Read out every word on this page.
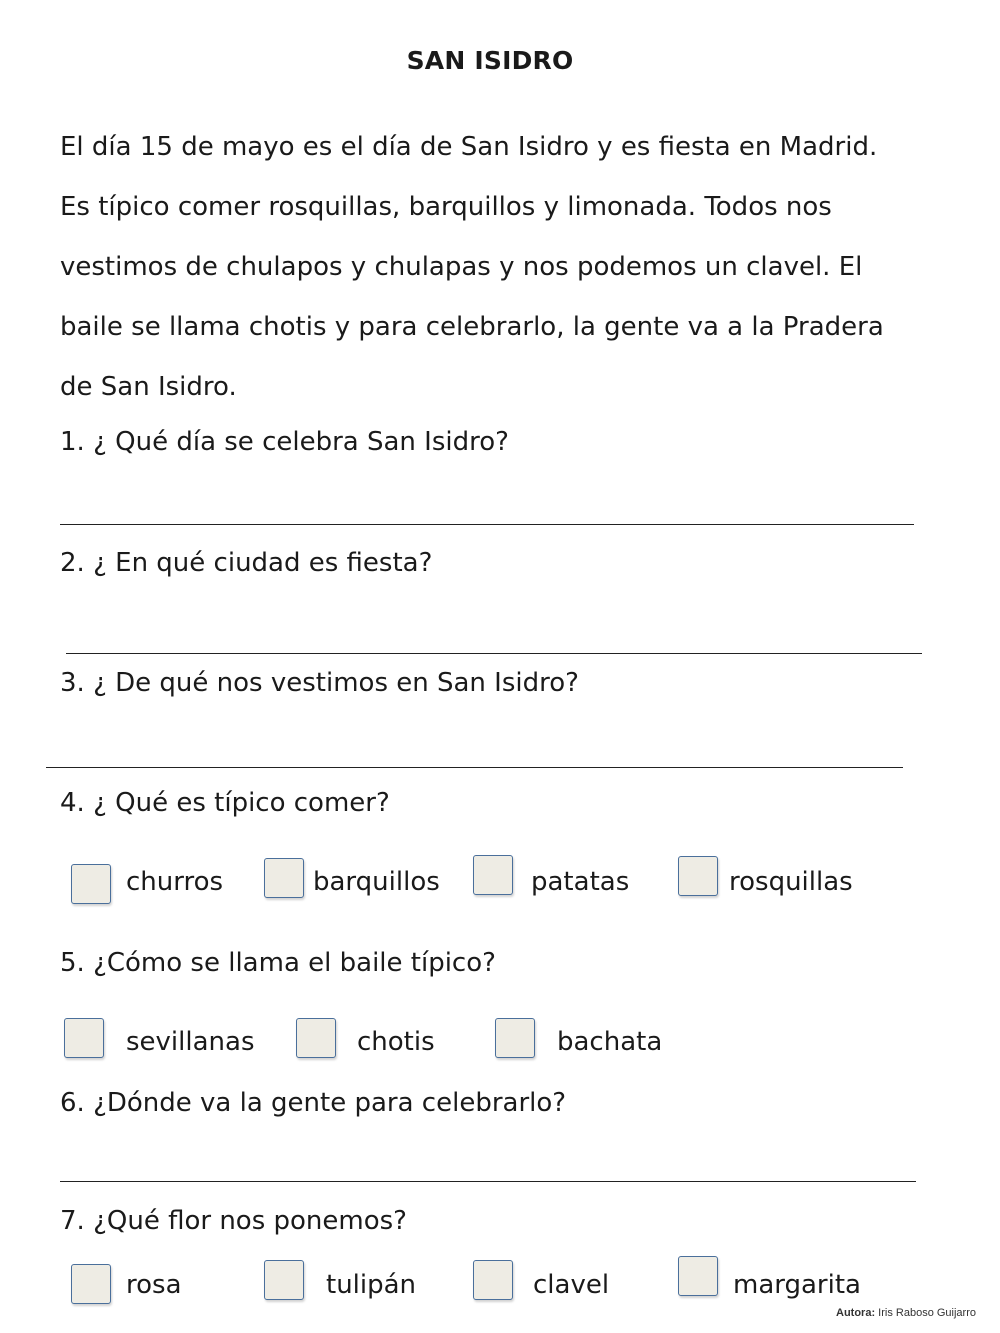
SAN ISIDRO
El día 15 de mayo es el día de San Isidro y es fiesta en Madrid.
Es típico comer rosquillas, barquillos y limonada. Todos nos
vestimos de chulapos y chulapas y nos podemos un clavel. El
baile se llama chotis y para celebrarlo, la gente va a la Pradera
de San Isidro.
1. ¿ Qué día se celebra San Isidro?
2. ¿ En qué ciudad es fiesta?
3. ¿ De qué nos vestimos en San Isidro?
4. ¿ Qué es típico comer?
churros	barquillos	patatas	rosquillas
5. ¿Cómo se llama el baile típico?
sevillanas	chotis	bachata
6. ¿Dónde va la gente para celebrarlo?
7. ¿Qué flor nos ponemos?
rosa	tulipán	clavel	margarita
Autora: Iris Raboso Guijarro
